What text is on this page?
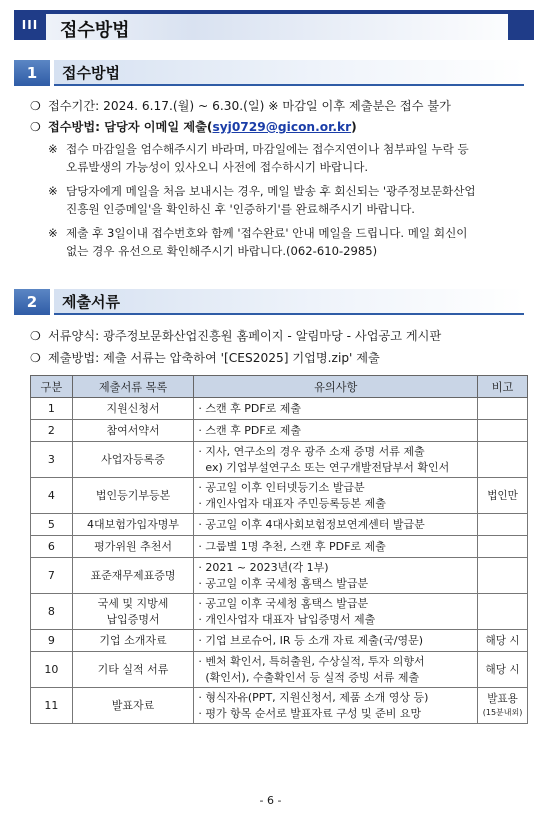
III	접수방법
1	접수방법
❍ 접수기간: 2024. 6.17.(월) ~ 6.30.(일) ※ 마감일 이후 제출분은 접수 불가
❍ 접수방법: 담당자 이메일 제출(syj0729@gicon.or.kr)
※ 접수 마감일을 엄수해주시기 바라며, 마감일에는 접수지연이나 첨부파일 누락 등
오류발생의 가능성이 있사오니 사전에 접수하시기 바랍니다.
※ 담당자에게 메일을 처음 보내시는 경우, 메일 발송 후 회신되는 '광주정보문화산업
진흥원 인증메일'을 확인하신 후 '인증하기'를 완료해주시기 바랍니다.
※ 제출 후 3일이내 접수번호와 함께 '접수완료' 안내 메일을 드립니다. 메일 회신이
없는 경우 유선으로 확인해주시기 바랍니다.(062-610-2985)
2	제출서류
❍ 서류양식: 광주정보문화산업진흥원 홈페이지 - 알림마당 - 사업공고 게시판
❍ 제출방법: 제출 서류는 압축하여 '[CES2025] 기업명.zip' 제출
구분	제출서류 목록	유의사항	비고
1	지원신청서	· 스캔 후 PDF로 제출	

2	참여서약서	· 스캔 후 PDF로 제출	

3	사업자등록증	· 지사, 연구소의 경우 광주 소재 증명 서류 제출
ex) 기업부설연구소 또는 연구개발전담부서 확인서	

4	법인등기부등본	· 공고일 이후 인터넷등기소 발급분
· 개인사업자 대표자 주민등록등본 제출	법인만

5	4대보험가입자명부	· 공고일 이후 4대사회보험정보연계센터 발급분	

6	평가위원 추천서	· 그룹별 1명 추천, 스캔 후 PDF로 제출	

7	표준재무제표증명	· 2021 ~ 2023년(각 1부)
· 공고일 이후 국세청 홈택스 발급분	

8	국세 및 지방세
납입증명서	· 공고일 이후 국세청 홈택스 발급분
· 개인사업자 대표자 납입증명서 제출	

9	기업 소개자료	· 기업 브로슈어, IR 등 소개 자료 제출(국/영문)	해당 시

10	기타 실적 서류	· 벤처 확인서, 특허출원, 수상실적, 투자 의향서
(확인서), 수출확인서 등 실적 증빙 서류 제출	해당 시

11	발표자료	· 형식자유(PPT, 지원신청서, 제품 소개 영상 등)
· 평가 항목 순서로 발표자료 구성 및 준비 요망	발표용
(15분내외)
- 6 -
